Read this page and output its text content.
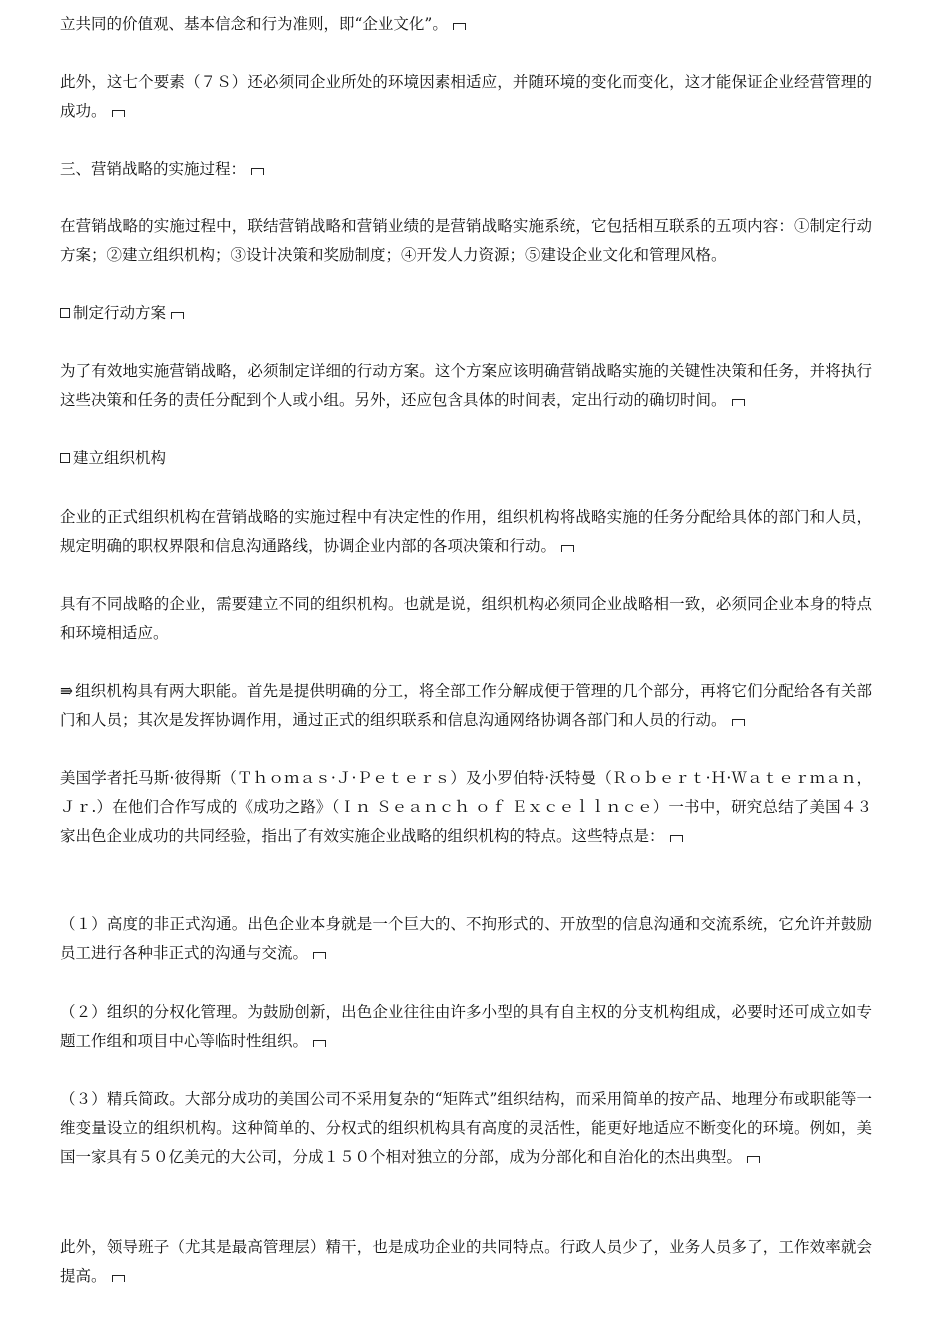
立共同的价值观、基本信念和行为准则，即“企业文化”。

此外，这七个要素（７Ｓ）还必须同企业所处的环境因素相适应，并随环境的变化而变化，这才能保证企业经营管理的成功。

三、营销战略的实施过程：

在营销战略的实施过程中，联结营销战略和营销业绩的是营销战略实施系统，它包括相互联系的五项内容：①制定行动方案；②建立组织机构；③设计决策和奖励制度；④开发人力资源；⑤建设企业文化和管理风格。

制定行动方案

为了有效地实施营销战略，必须制定详细的行动方案。这个方案应该明确营销战略实施的关键性决策和任务，并将执行这些决策和任务的责任分配到个人或小组。另外，还应包含具体的时间表，定出行动的确切时间。

建立组织机构

企业的正式组织机构在营销战略的实施过程中有决定性的作用，组织机构将战略实施的任务分配给具体的部门和人员，规定明确的职权界限和信息沟通路线，协调企业内部的各项决策和行动。

具有不同战略的企业，需要建立不同的组织机构。也就是说，组织机构必须同企业战略相一致，必须同企业本身的特点和环境相适应。

⇛ 组织机构具有两大职能。首先是提供明确的分工，将全部工作分解成便于管理的几个部分，再将它们分配给各有关部门和人员；其次是发挥协调作用，通过正式的组织联系和信息沟通网络协调各部门和人员的行动。

美国学者托马斯·彼得斯（Ｔｈｏｍａｓ·Ｊ·Ｐｅｔｅｒｓ）及小罗伯特·沃特曼（Ｒｏｂｅｒｔ·Ｈ·Ｗａｔｅｒｍａｎ，Ｊｒ.）在他们合作写成的《成功之路》（Ｉｎ Ｓｅａｎｃｈ ｏｆ Ｅｘｃｅｌｌｎｃｅ）一书中，研究总结了美国４３家出色企业成功的共同经验，指出了有效实施企业战略的组织机构的特点。这些特点是：

（１）高度的非正式沟通。出色企业本身就是一个巨大的、不拘形式的、开放型的信息沟通和交流系统，它允许并鼓励员工进行各种非正式的沟通与交流。

（２）组织的分权化管理。为鼓励创新，出色企业往往由许多小型的具有自主权的分支机构组成，必要时还可成立如专题工作组和项目中心等临时性组织。

（３）精兵简政。大部分成功的美国公司不采用复杂的“矩阵式”组织结构，而采用简单的按产品、地理分布或职能等一维变量设立的组织机构。这种简单的、分权式的组织机构具有高度的灵活性，能更好地适应不断变化的环境。例如，美国一家具有５０亿美元的大公司，分成１５０个相对独立的分部，成为分部化和自治化的杰出典型。

此外，领导班子（尤其是最高管理层）精干，也是成功企业的共同特点。行政人员少了，业务人员多了，工作效率就会提高。
